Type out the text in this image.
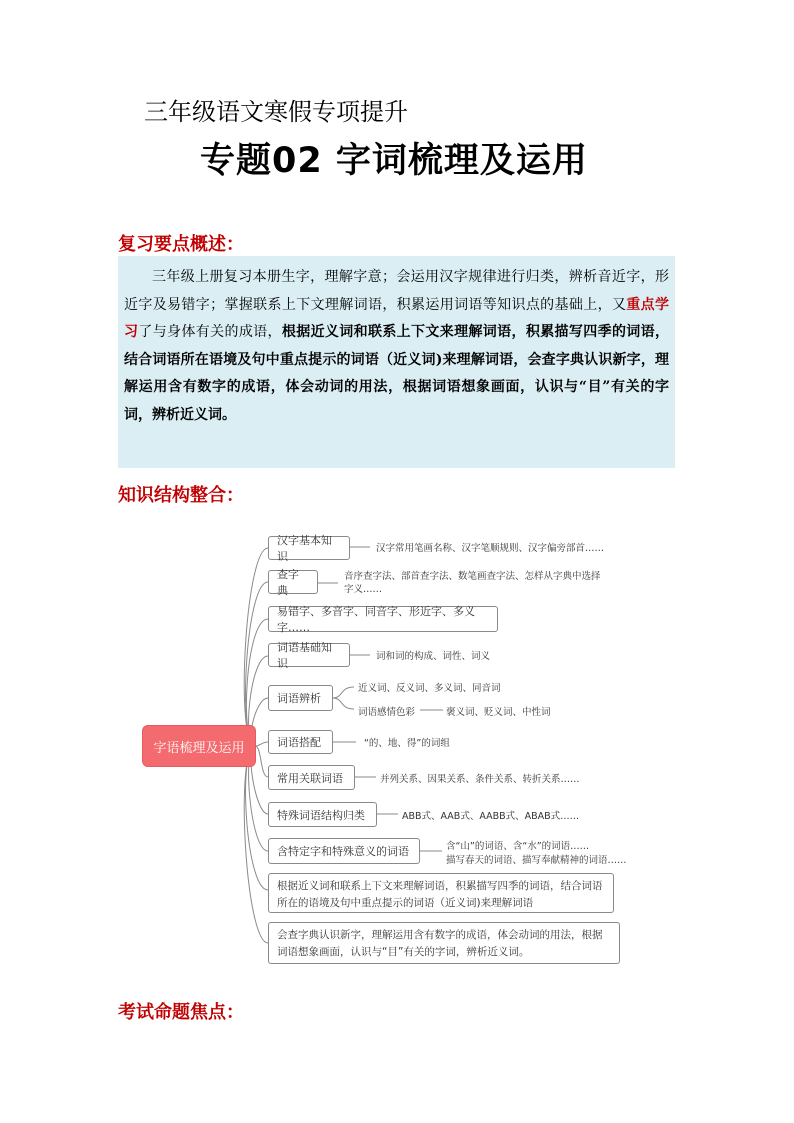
三年级语文寒假专项提升
专题02 字词梳理及运用
复习要点概述：

三年级上册复习本册生字，理解字意；会运用汉字规律进行归类，辨析音近字，形近字及易错字；掌握联系上下文理解词语，积累运用词语等知识点的基础上，又重点学习了与身体有关的成语，根据近义词和联系上下文来理解词语，积累描写四季的词语，结合词语所在语境及句中重点提示的词语（近义词)来理解词语，会查字典认识新字，理解运用含有数字的成语，体会动词的用法，根据词语想象画面，认识与“目”有关的字词，辨析近义词。

知识结构整合：
字语梳理及运用
汉字基本知识
汉字常用笔画名称、汉字笔顺规则、汉字偏旁部首……
查字典
音序查字法、部首查字法、数笔画查字法、怎样从字典中选择字义……
易错字、多音字、同音字、形近字、多义字……
词语基础知识
词和词的构成、词性、词义
词语辨析
近义词、反义词、多义词、同音词
词语感情色彩	褒义词、贬义词、中性词
词语搭配	“的、地、得”的词组
常用关联词语	并列关系、因果关系、条件关系、转折关系……
特殊词语结构归类	ABB式、AAB式、AABB式、ABAB式……
含特定字和特殊意义的词语	含“山”的词语、含“水”的词语……
描写春天的词语、描写奉献精神的词语……
根据近义词和联系上下文来理解词语，积累描写四季的词语，结合词语所在的语境及句中重点提示的词语（近义词)来理解词语
会查字典认识新字，理解运用含有数字的成语，体会动词的用法，根据词语想象画面，认识与“目”有关的字词，辨析近义词。
考试命题焦点：
